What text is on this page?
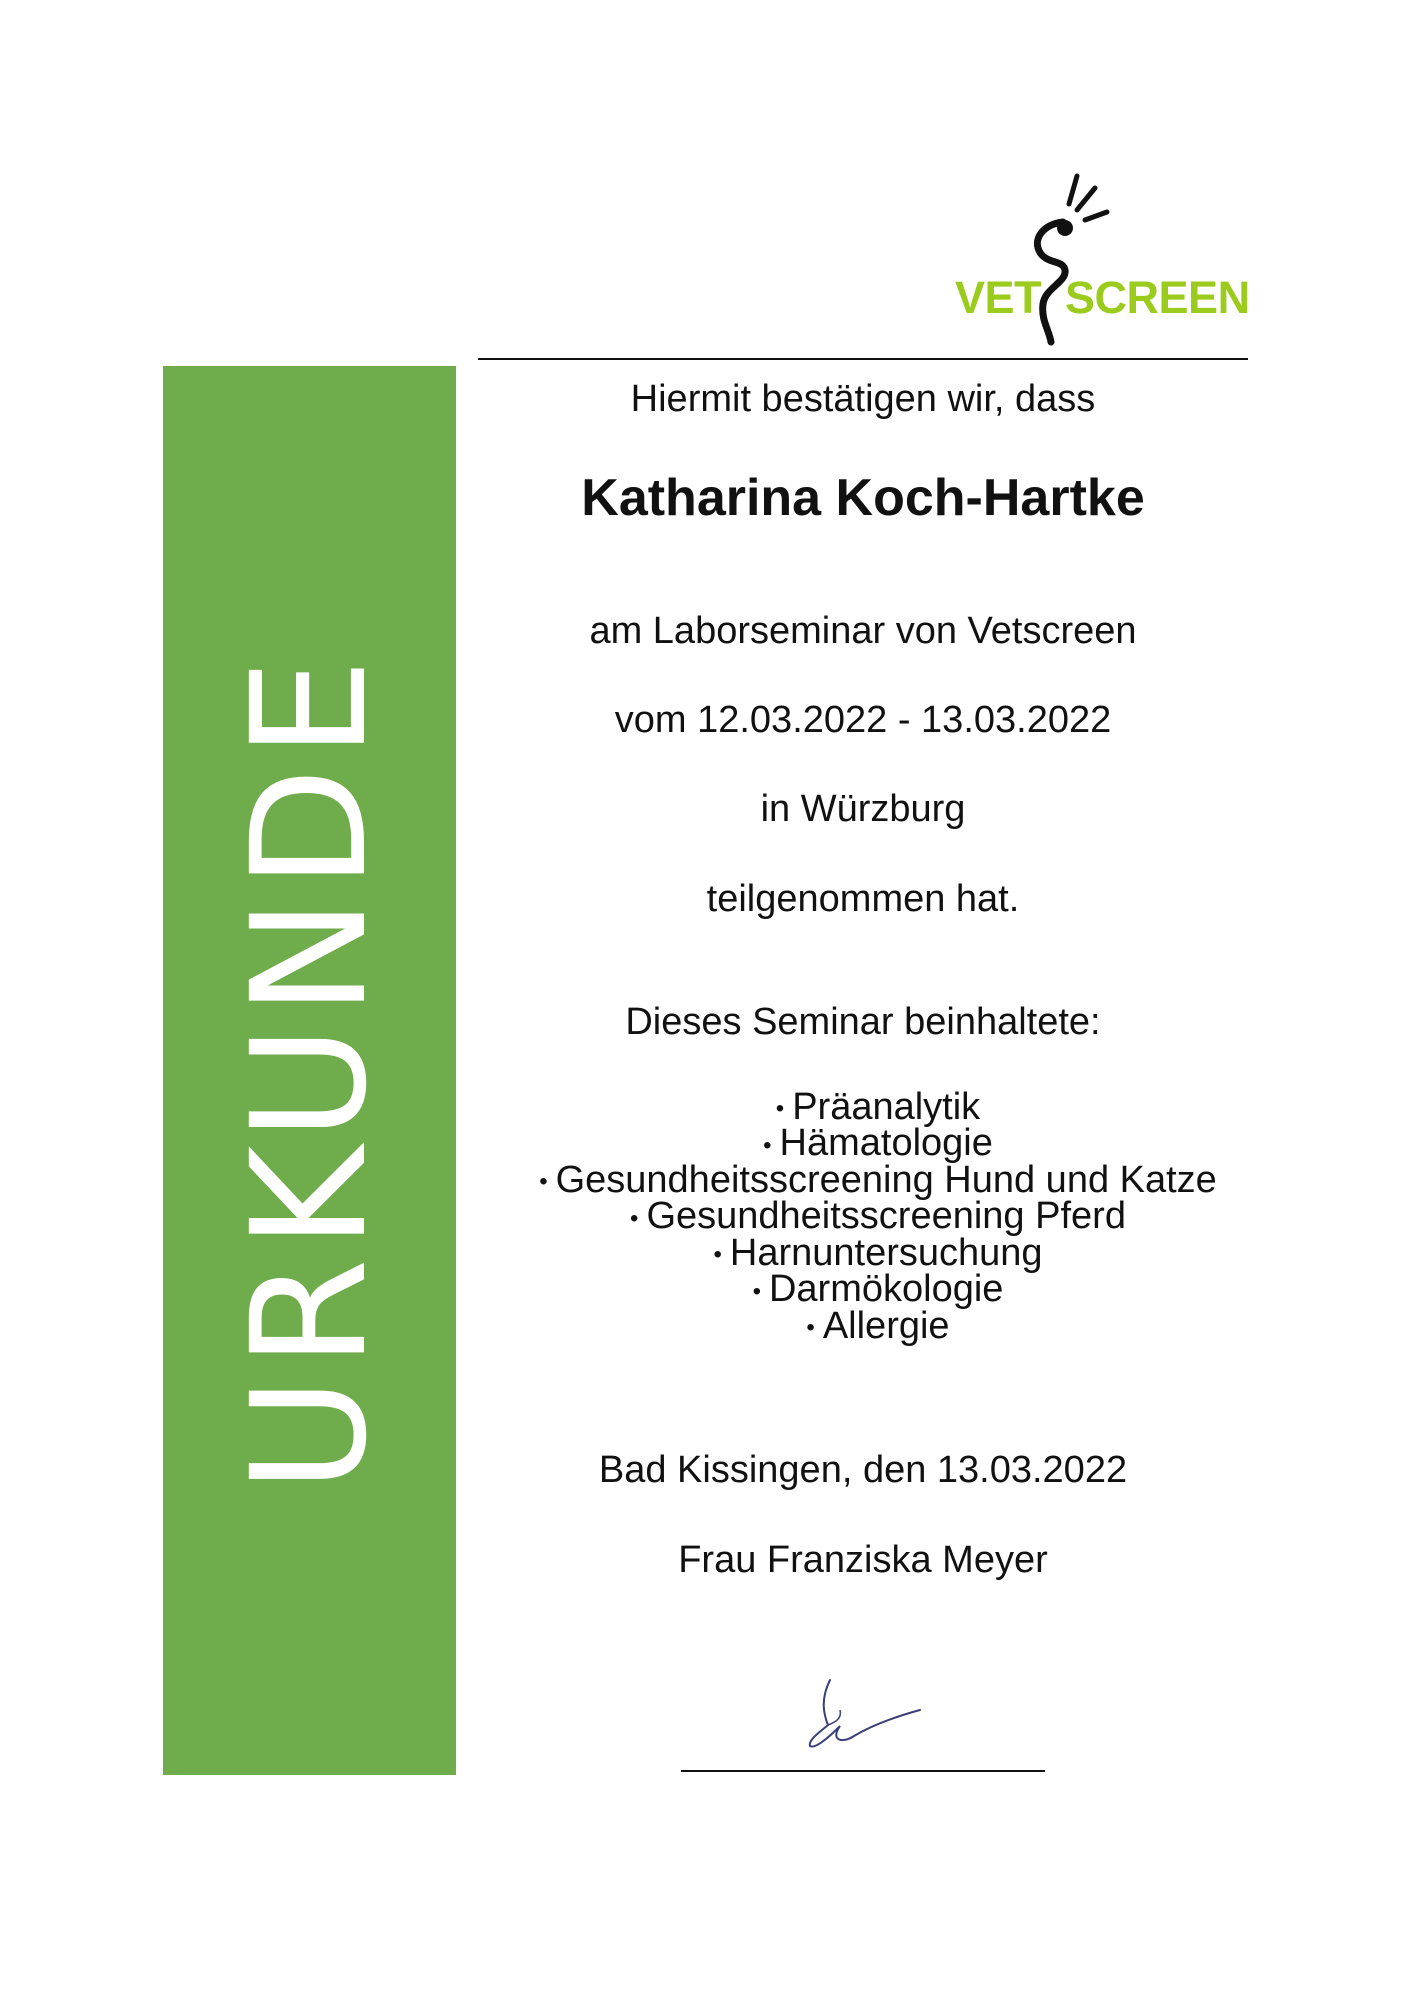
URKUNDE
VET SCREEN
Hiermit bestätigen wir, dass
Katharina Koch-Hartke
am Laborseminar von Vetscreen
vom 12.03.2022 - 13.03.2022
in Würzburg
teilgenommen hat.
Dieses Seminar beinhaltete:
• Präanalytik
• Hämatologie
• Gesundheitsscreening Hund und Katze
• Gesundheitsscreening Pferd
• Harnuntersuchung
• Darmökologie
• Allergie
Bad Kissingen, den 13.03.2022
Frau Franziska Meyer
